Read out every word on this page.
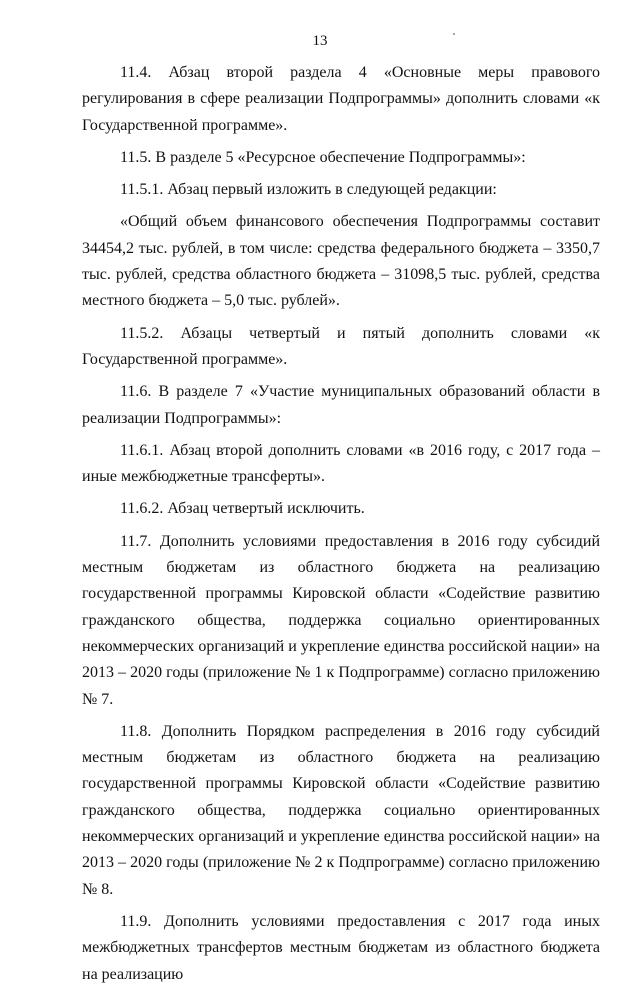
13

11.4. Абзац второй раздела 4 «Основные меры правового регулирования в сфере реализации Подпрограммы» дополнить словами «к Государственной программе».

11.5. В разделе 5 «Ресурсное обеспечение Подпрограммы»:

11.5.1. Абзац первый изложить в следующей редакции:

«Общий объем финансового обеспечения Подпрограммы составит 34454,2 тыс. рублей, в том числе: средства федерального бюджета – 3350,7 тыс. рублей, средства областного бюджета – 31098,5 тыс. рублей, средства местного бюджета – 5,0 тыс. рублей».

11.5.2. Абзацы четвертый и пятый дополнить словами «к Государственной программе».

11.6. В разделе 7 «Участие муниципальных образований области в реализации Подпрограммы»:

11.6.1. Абзац второй дополнить словами «в 2016 году, с 2017 года – иные межбюджетные трансферты».

11.6.2. Абзац четвертый исключить.

11.7. Дополнить условиями предоставления в 2016 году субсидий местным бюджетам из областного бюджета на реализацию государственной программы Кировской области «Содействие развитию гражданского общества, поддержка социально ориентированных некоммерческих организаций и укрепление единства российской нации» на 2013 – 2020 годы (приложение № 1 к Подпрограмме) согласно приложению № 7.

11.8. Дополнить Порядком распределения в 2016 году субсидий местным бюджетам из областного бюджета на реализацию государственной программы Кировской области «Содействие развитию гражданского общества, поддержка социально ориентированных некоммерческих организаций и укрепление единства российской нации» на 2013 – 2020 годы (приложение № 2 к Подпрограмме) согласно приложению № 8.

11.9. Дополнить условиями предоставления с 2017 года иных межбюджетных трансфертов местным бюджетам из областного бюджета на реализацию
